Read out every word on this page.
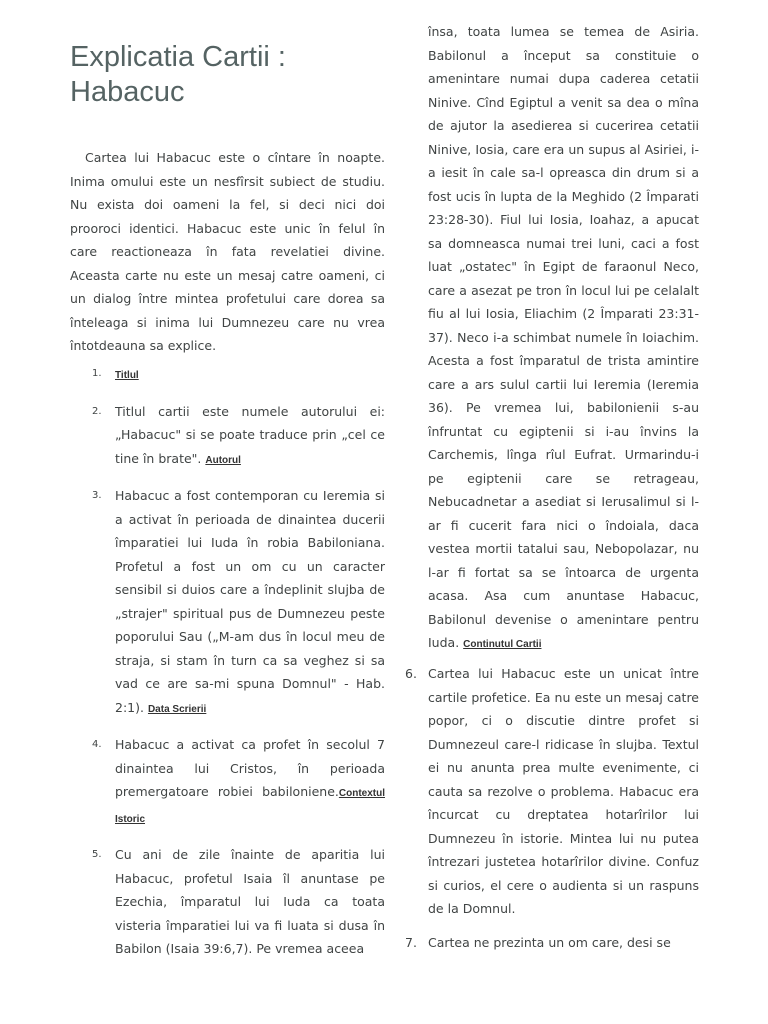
Explicatia Cartii : Habacuc

Cartea lui Habacuc este o cîntare în noapte. Inima omului este un nesfîrsit subiect de studiu. Nu exista doi oameni la fel, si deci nici doi prooroci identici. Habacuc este unic în felul în care reactioneaza în fata revelatiei divine. Aceasta carte nu este un mesaj catre oameni, ci un dialog între mintea profetului care dorea sa înteleaga si inima lui Dumnezeu care nu vrea întotdeauna sa explice.

1. Titlul
2. Titlul cartii este numele autorului ei: „Habacuc" si se poate traduce prin „cel ce tine în brate". Autorul
3. Habacuc a fost contemporan cu Ieremia si a activat în perioada de dinaintea ducerii împaratiei lui Iuda în robia Babiloniana. Profetul a fost un om cu un caracter sensibil si duios care a îndeplinit slujba de „strajer" spiritual pus de Dumnezeu peste poporului Sau („M-am dus în locul meu de straja, si stam în turn ca sa veghez si sa vad ce are sa-mi spuna Domnul" - Hab. 2:1). Data Scrierii
4. Habacuc a activat ca profet în secolul 7 dinaintea lui Cristos, în perioada premergatoare robiei babiloniene.Contextul Istoric
5. Cu ani de zile înainte de aparitia lui Habacuc, profetul Isaia îl anuntase pe Ezechia, împaratul lui Iuda ca toata visteria împaratiei lui va fi luata si dusa în Babilon (Isaia 39:6,7). Pe vremea aceea

însa, toata lumea se temea de Asiria. Babilonul a început sa constituie o amenintare numai dupa caderea cetatii Ninive. Cînd Egiptul a venit sa dea o mîna de ajutor la asedierea si cucerirea cetatii Ninive, Iosia, care era un supus al Asiriei, i-a iesit în cale sa-l opreasca din drum si a fost ucis în lupta de la Meghido (2 Împarati 23:28-30). Fiul lui Iosia, Ioahaz, a apucat sa domneasca numai trei luni, caci a fost luat „ostatec" în Egipt de faraonul Neco, care a asezat pe tron în locul lui pe celalalt fiu al lui Iosia, Eliachim (2 Împarati 23:31-37). Neco i-a schimbat numele în Ioiachim. Acesta a fost împaratul de trista amintire care a ars sulul cartii lui Ieremia (Ieremia 36). Pe vremea lui, babilonienii s-au înfruntat cu egiptenii si i-au învins la Carchemis, lînga rîul Eufrat. Urmarindu-i pe egiptenii care se retrageau, Nebucadnetar a asediat si Ierusalimul si l-ar fi cucerit fara nici o îndoiala, daca vestea mortii tatalui sau, Nebopolazar, nu l-ar fi fortat sa se întoarca de urgenta acasa. Asa cum anuntase Habacuc, Babilonul devenise o amenintare pentru Iuda. Continutul Cartii

6. Cartea lui Habacuc este un unicat între cartile profetice. Ea nu este un mesaj catre popor, ci o discutie dintre profet si Dumnezeul care-l ridicase în slujba. Textul ei nu anunta prea multe evenimente, ci cauta sa rezolve o problema. Habacuc era încurcat cu dreptatea hotarîrilor lui Dumnezeu în istorie. Mintea lui nu putea întrezari justetea hotarîrilor divine. Confuz si curios, el cere o audienta si un raspuns de la Domnul.
7. Cartea ne prezinta un om care, desi se
